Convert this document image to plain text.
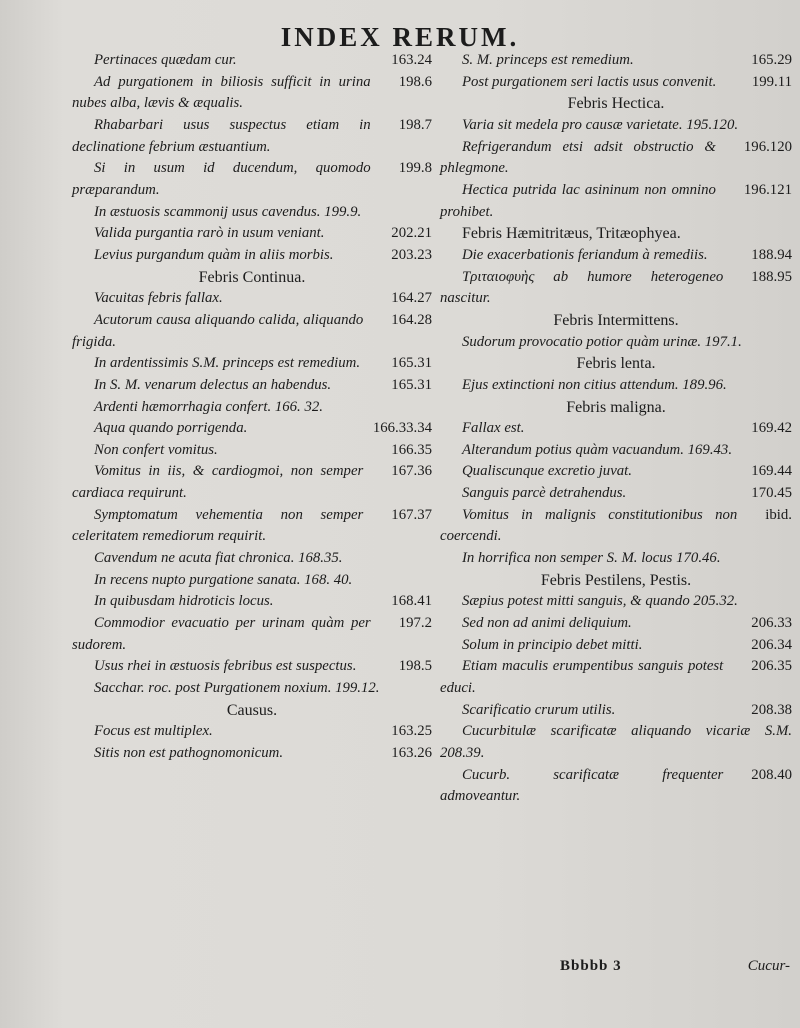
INDEX RERUM.

163.24
Pertinaces quædam cur.

198.6
Ad purgationem in biliosis sufficit in urina nubes alba, lævis & æqualis.

198.7
Rhabarbari usus suspectus etiam in declinatione febrium æstuantium.

199.8
Si in usum id ducendum, quomodo præparandum.

In æstuosis scammonij usus cavendus. 199.9.

202.21
Valida purgantia rarò in usum veniant.

203.23
Levius purgandum quàm in aliis morbis.

Febris Continua.

164.27
Vacuitas febris fallax.

164.28
Acutorum causa aliquando calida, aliquando frigida.

165.31
In ardentissimis S.M. princeps est remedium.

165.31
In S. M. venarum delectus an habendus.

Ardenti hæmorrhagia confert. 166. 32.

166.33.34
Aqua quando porrigenda.

166.35
Non confert vomitus.

167.36
Vomitus in iis, & cardiogmoi, non semper cardiaca requirunt.

167.37
Symptomatum vehementia non semper celeritatem remediorum requirit.

Cavendum ne acuta fiat chronica. 168.35.

In recens nupto purgatione sanata. 168. 40.

168.41
In quibusdam hidroticis locus.

197.2
Commodior evacuatio per urinam quàm per sudorem.

198.5
Usus rhei in æstuosis febribus est suspectus.

Sacchar. rос. post Purgationem noxium. 199.12.

Causus.

163.25
Focus est multiplex.

163.26
Sitis non est pathognomonicum.

165.29
S. M. princeps est remedium.

199.11
Post purgationem seri lactis usus convenit.

Febris Hectica.

Varia sit medela pro causæ varietate. 195.120.

196.120
Refrigerandum etsi adsit obstructio & phlegmone.

196.121
Hectica putrida lac asininum non omnino prohibet.

Febris Hæmitritæus, Tritæophyea.

188.94
Die exacerbationis feriandum à remediis.

188.95
Τριταιοφυὴς ab humore heterogeneo nascitur.

Febris Intermittens.

Sudorum provocatio potior quàm urinæ. 197.1.

Febris lenta.

Ejus extinctioni non citius attendum. 189.96.

Febris maligna.

169.42
Fallax est.

Alterandum potius quàm vacuandum. 169.43.

169.44
Qualiscunque excretio juvat.

170.45
Sanguis parcè detrahendus.

ibid.
Vomitus in malignis constitutionibus non coercendi.

In horrifica non semper S. M. locus 170.46.

Febris Pestilens, Pestis.

Sæpius potest mitti sanguis, & quando 205.32.

206.33
Sed non ad animi deliquium.

206.34
Solum in principio debet mitti.

206.35
Etiam maculis erumpentibus sanguis potest educi.

208.38
Scarificatio crurum utilis.

Cucurbitulæ scarificatæ aliquando vicariæ S.M. 208.39.

208.40
Cucurb. scarificatæ frequenter admoveantur.

Bbbbb 3	Cucur-
